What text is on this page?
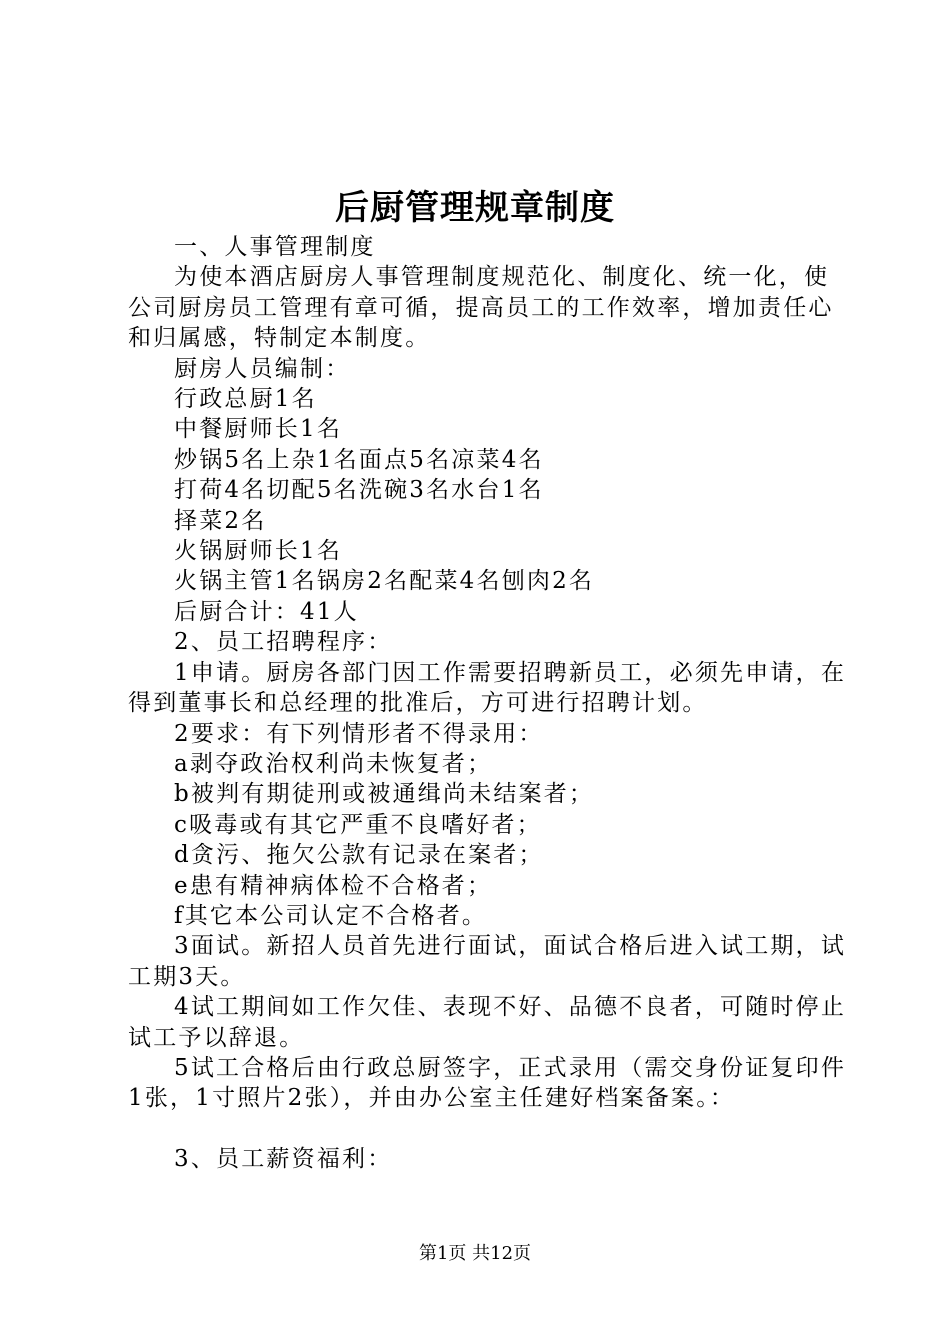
后厨管理规章制度

一、人事管理制度

为使本酒店厨房人事管理制度规范化、制度化、统一化，使公司厨房员工管理有章可循，提高员工的工作效率，增加责任心和归属感，特制定本制度。

厨房人员编制：

行政总厨1名

中餐厨师长1名

炒锅5名上杂1名面点5名凉菜4名

打荷4名切配5名洗碗3名水台1名

择菜2名

火锅厨师长1名

火锅主管1名锅房2名配菜4名刨肉2名

后厨合计：41人

2、员工招聘程序：

1申请。厨房各部门因工作需要招聘新员工，必须先申请，在得到董事长和总经理的批准后，方可进行招聘计划。

2要求：有下列情形者不得录用：

a剥夺政治权利尚未恢复者；

b被判有期徒刑或被通缉尚未结案者；

c吸毒或有其它严重不良嗜好者；

d贪污、拖欠公款有记录在案者；

e患有精神病体检不合格者；

f其它本公司认定不合格者。

3面试。新招人员首先进行面试，面试合格后进入试工期，试工期3天。

4试工期间如工作欠佳、表现不好、品德不良者，可随时停止试工予以辞退。

5试工合格后由行政总厨签字，正式录用（需交身份证复印件1张，1寸照片2张），并由办公室主任建好档案备案。：

3、员工薪资福利：

第1页 共12页
